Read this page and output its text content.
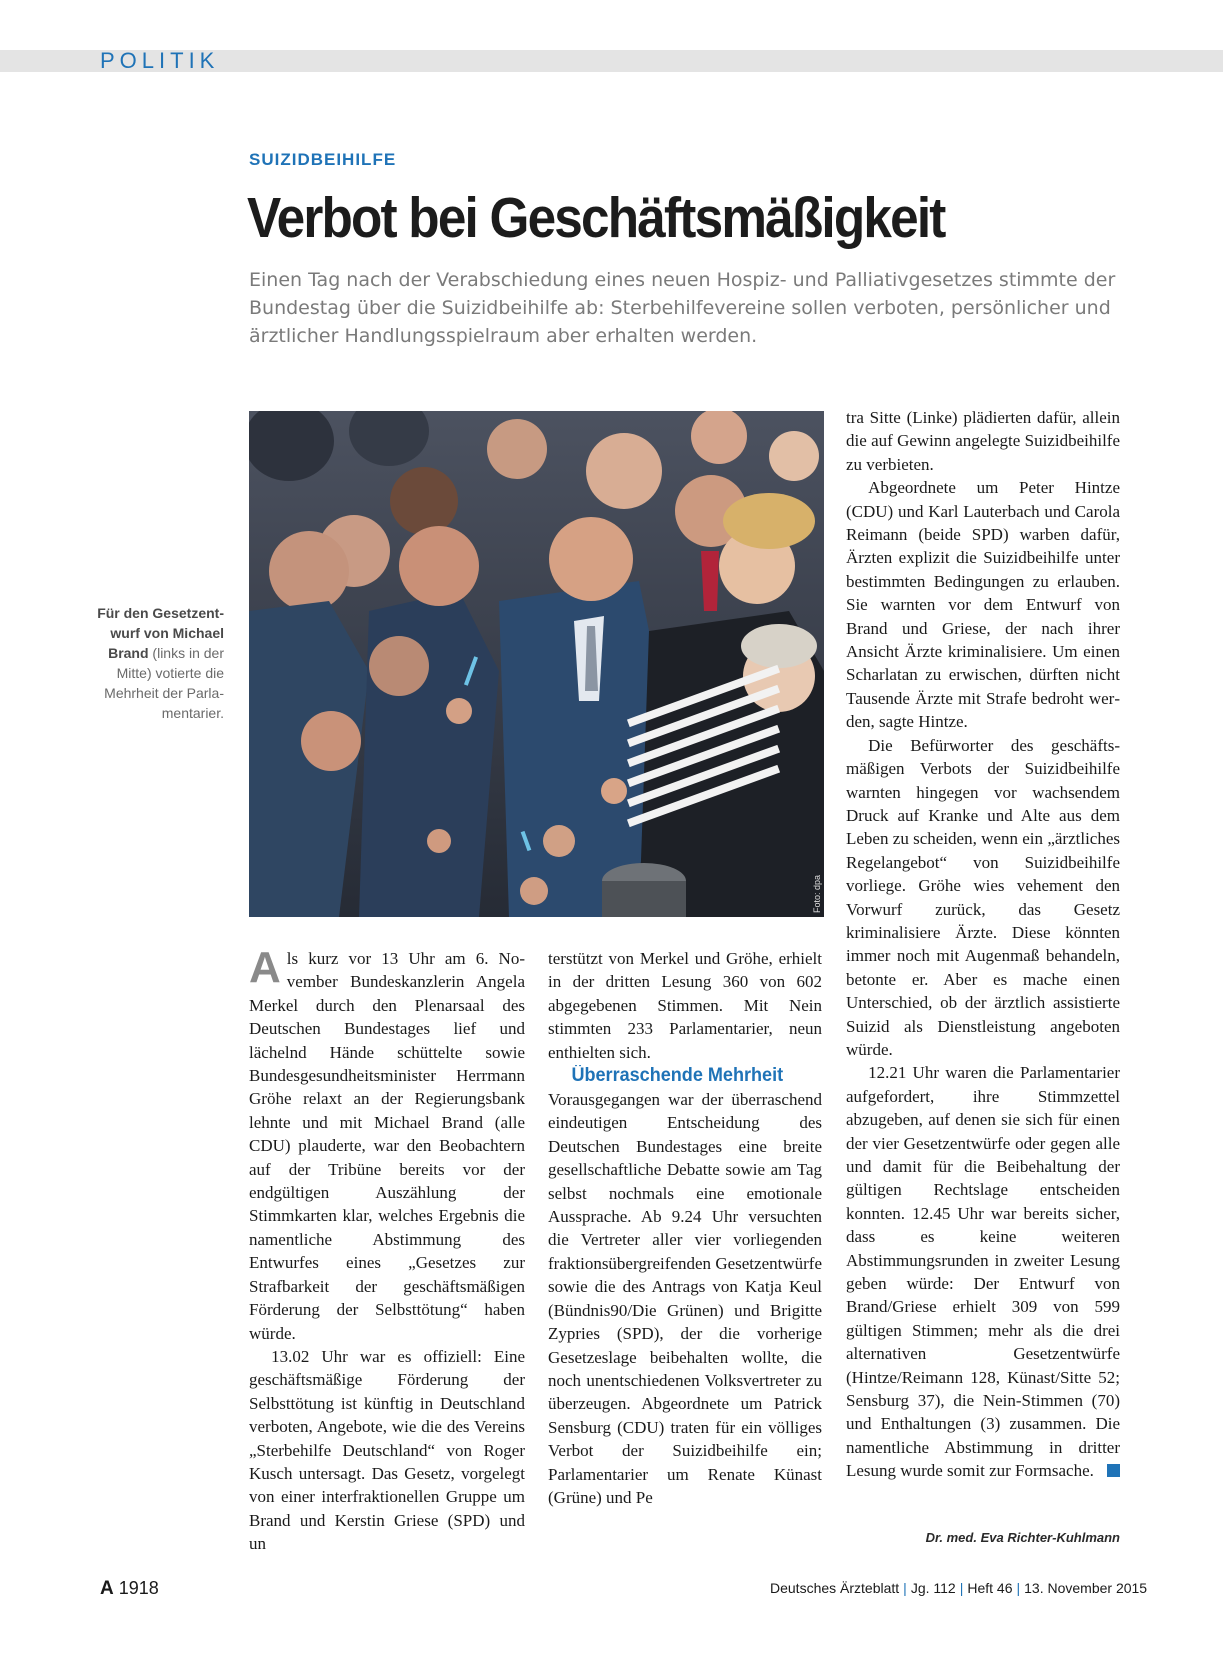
POLITIK
SUIZIDBEIHILFE
Verbot bei Geschäftsmäßigkeit

Einen Tag nach der Verabschiedung eines neuen Hospiz- und Palliativgesetzes stimmte der Bundestag über die Suizidbeihilfe ab: Sterbehilfevereine sollen verboten, persönlicher und ärztlicher Handlungsspielraum aber erhalten werden.

Foto: dpa

Für den Gesetzentwurf von Michael Brand (links in der Mitte) votierte die Mehrheit der Parlamentarier.

Als kurz vor 13 Uhr am 6. November Bundeskanzlerin Angela Merkel durch den Plenarsaal des Deutschen Bundestages lief und lächelnd Hände schüttelte sowie Bundesgesundheitsminister Herrmann Gröhe relaxt an der Regierungsbank lehnte und mit Michael Brand (alle CDU) plauderte, war den Beobachtern auf der Tribüne bereits vor der endgültigen Auszählung der Stimmkarten klar, welches Ergebnis die namentliche Abstimmung des Entwurfes eines „Gesetzes zur Strafbarkeit der geschäftsmäßigen Förderung der Selbsttötung“ haben würde.

13.02 Uhr war es offiziell: Eine geschäftsmäßige Förderung der Selbsttötung ist künftig in Deutschland verboten, Angebote, wie die des Vereins „Sterbehilfe Deutschland“ von Roger Kusch untersagt. Das Gesetz, vorgelegt von einer interfraktionellen Gruppe um Brand und Kerstin Griese (SPD) und un

terstützt von Merkel und Gröhe, erhielt in der dritten Lesung 360 von 602 abgegebenen Stimmen. Mit Nein stimmten 233 Parlamentarier, neun enthielten sich.

Überraschende Mehrheit

Vorausgegangen war der überraschend eindeutigen Entscheidung des Deutschen Bundestages eine breite gesellschaftliche Debatte sowie am Tag selbst nochmals eine emotionale Aussprache. Ab 9.24 Uhr versuchten die Vertreter aller vier vorliegenden fraktionsübergreifenden Gesetzentwürfe sowie die des Antrags von Katja Keul (Bündnis90/Die Grünen) und Brigitte Zypries (SPD), der die vorherige Gesetzeslage beibehalten wollte, die noch unentschiedenen Volksvertreter zu überzeugen. Abgeordnete um Patrick Sensburg (CDU) traten für ein völliges Verbot der Suizidbeihilfe ein; Parlamentarier um Renate Künast (Grüne) und Pe

tra Sitte (Linke) plädierten dafür, allein die auf Gewinn angelegte Suizidbeihilfe zu verbieten.

Abgeordnete um Peter Hintze (CDU) und Karl Lauterbach und Carola Reimann (beide SPD) warben dafür, Ärzten explizit die Suizidbeihilfe unter bestimmten Bedingungen zu erlauben. Sie warnten vor dem Entwurf von Brand und Griese, der nach ihrer Ansicht Ärzte kriminalisiere. Um einen Scharlatan zu erwischen, dürften nicht Tausende Ärzte mit Strafe bedroht werden, sagte Hintze.

Die Befürworter des geschäftsmäßigen Verbots der Suizidbeihilfe warnten hingegen vor wachsendem Druck auf Kranke und Alte aus dem Leben zu scheiden, wenn ein „ärztliches Regelangebot“ von Suizidbeihilfe vorliege. Gröhe wies vehement den Vorwurf zurück, das Gesetz kriminalisiere Ärzte. Diese könnten immer noch mit Augenmaß behandeln, betonte er. Aber es mache einen Unterschied, ob der ärztlich assistierte Suizid als Dienstleistung angeboten würde.

12.21 Uhr waren die Parlamentarier aufgefordert, ihre Stimmzettel abzugeben, auf denen sie sich für einen der vier Gesetzentwürfe oder gegen alle und damit für die Beibehaltung der gültigen Rechtslage entscheiden konnten. 12.45 Uhr war bereits sicher, dass es keine weiteren Abstimmungsrunden in zweiter Lesung geben würde: Der Entwurf von Brand/Griese erhielt 309 von 599 gültigen Stimmen; mehr als die drei alternativen Gesetzentwürfe (Hintze/Reimann 128, Künast/Sitte 52; Sensburg 37), die Nein-Stimmen (70) und Enthaltungen (3) zusammen. Die namentliche Abstimmung in dritter Lesung wurde somit zur Formsache.

Dr. med. Eva Richter-Kuhlmann
A 1918	Deutsches Ärzteblatt | Jg. 112 | Heft 46 | 13. November 2015
